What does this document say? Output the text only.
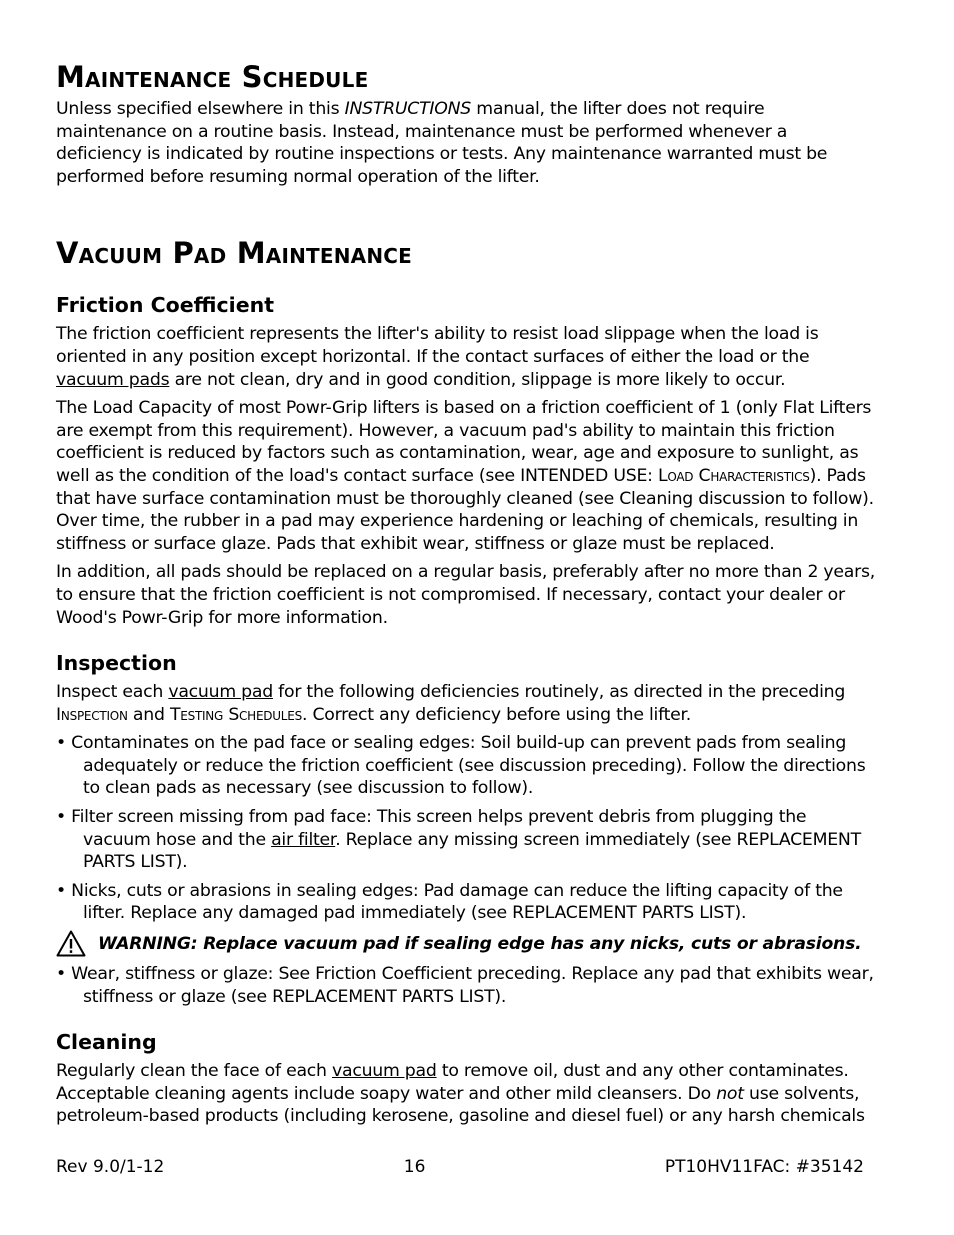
Maintenance Schedule

Unless specified elsewhere in this INSTRUCTIONS manual, the lifter does not require maintenance on a routine basis. Instead, maintenance must be performed whenever a deficiency is indicated by routine inspections or tests. Any maintenance warranted must be performed before resuming normal operation of the lifter.

Vacuum Pad Maintenance
Friction Coefficient

The friction coefficient represents the lifter's ability to resist load slippage when the load is oriented in any position except horizontal. If the contact surfaces of either the load or the vacuum pads are not clean, dry and in good condition, slippage is more likely to occur.

The Load Capacity of most Powr-Grip lifters is based on a friction coefficient of 1 (only Flat Lifters are exempt from this requirement). However, a vacuum pad's ability to maintain this friction coefficient is reduced by factors such as contamination, wear, age and exposure to sunlight, as well as the condition of the load's contact surface (see INTENDED USE: Load Characteristics). Pads that have surface contamination must be thoroughly cleaned (see Cleaning discussion to follow). Over time, the rubber in a pad may experience hardening or leaching of chemicals, resulting in stiffness or surface glaze. Pads that exhibit wear, stiffness or glaze must be replaced.

In addition, all pads should be replaced on a regular basis, preferably after no more than 2 years, to ensure that the friction coefficient is not compromised. If necessary, contact your dealer or Wood's Powr-Grip for more information.

Inspection

Inspect each vacuum pad for the following deficiencies routinely, as directed in the preceding Inspection and Testing Schedules. Correct any deficiency before using the lifter.

• Contaminates on the pad face or sealing edges: Soil build-up can prevent pads from sealing adequately or reduce the friction coefficient (see discussion preceding). Follow the directions to clean pads as necessary (see discussion to follow).

• Filter screen missing from pad face: This screen helps prevent debris from plugging the vacuum hose and the air filter. Replace any missing screen immediately (see REPLACEMENT PARTS LIST).

• Nicks, cuts or abrasions in sealing edges: Pad damage can reduce the lifting capacity of the lifter. Replace any damaged pad immediately (see REPLACEMENT PARTS LIST).

WARNING: Replace vacuum pad if sealing edge has any nicks, cuts or abrasions.

• Wear, stiffness or glaze: See Friction Coefficient preceding. Replace any pad that exhibits wear, stiffness or glaze (see REPLACEMENT PARTS LIST).

Cleaning

Regularly clean the face of each vacuum pad to remove oil, dust and any other contaminates. Acceptable cleaning agents include soapy water and other mild cleansers. Do not use solvents, petroleum-based products (including kerosene, gasoline and diesel fuel) or any harsh chemicals

Rev 9.0/1-12	16	PT10HV11FAC: #35142
